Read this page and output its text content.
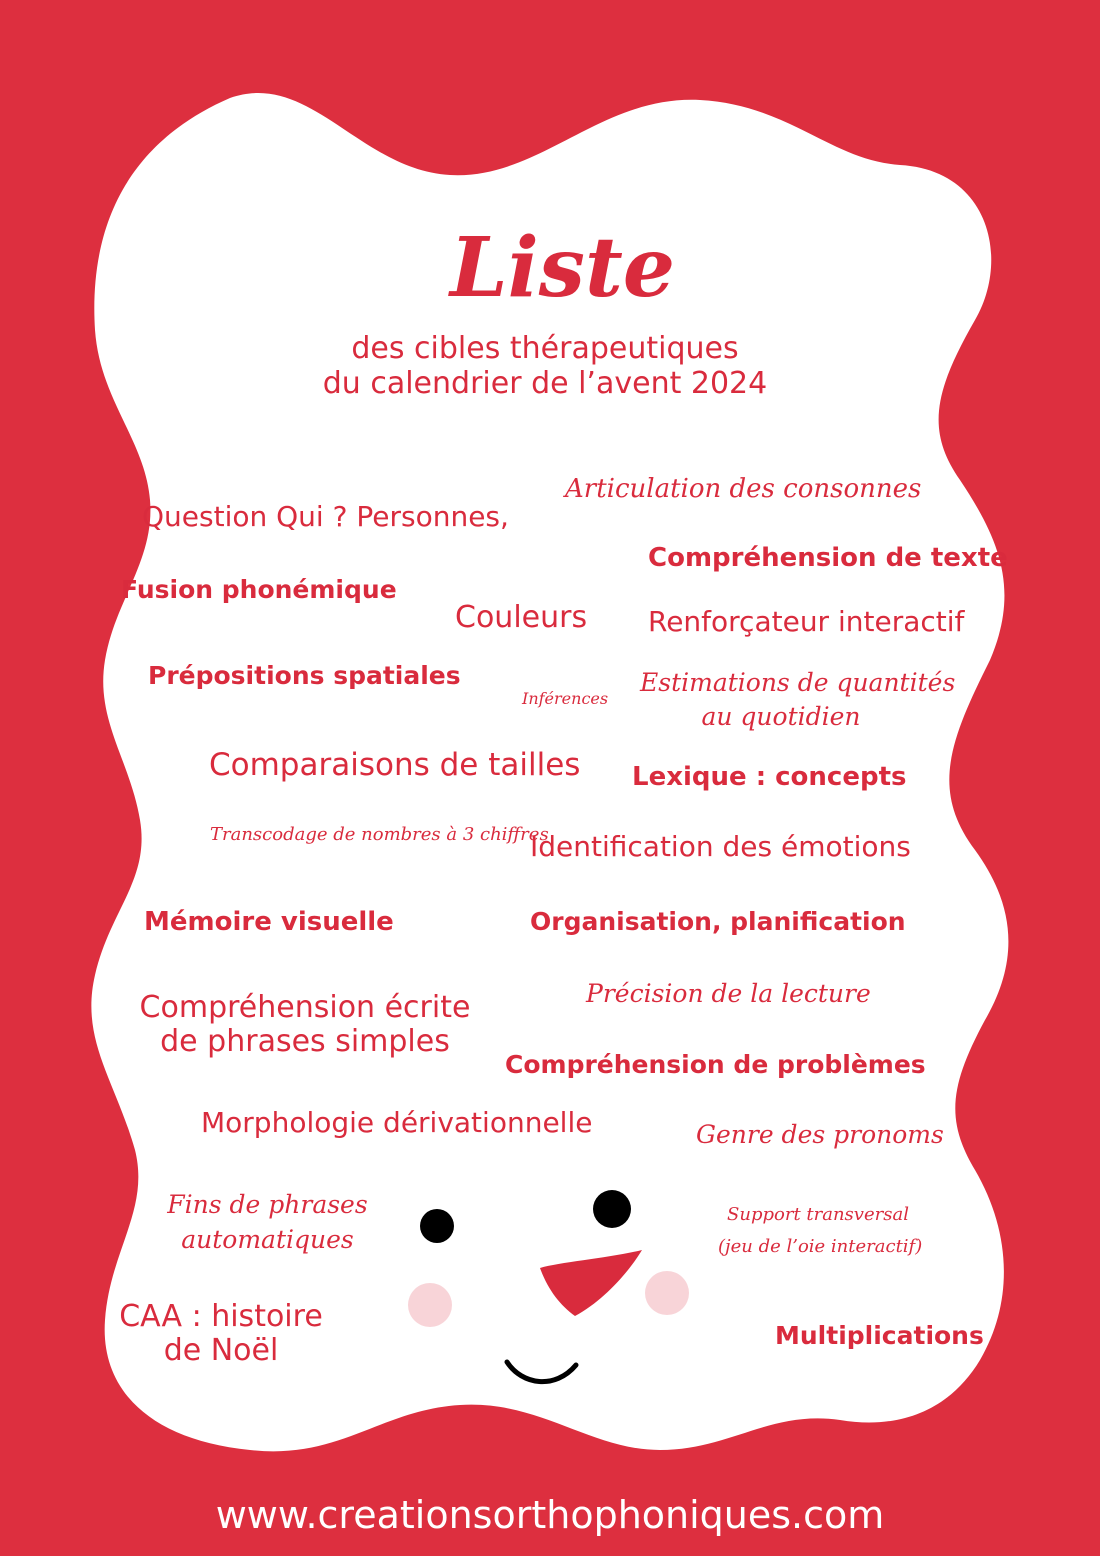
Liste
des cibles thérapeutiques
du calendrier de l’avent 2024
Articulation des consonnes
Question Qui ? Personnes,
Compréhension de texte
Fusion phonémique
Couleurs Renforçateur interactif
Prépositions spatiales
Inférences
Estimations de quantités
au quotidien
Comparaisons de tailles Lexique : concepts
Transcodage de nombres à 3 chiffres
Identification des émotions
Mémoire visuelle	Organisation, planification
Précision de la lecture
Compréhension écrite
de phrases simples
Compréhension de problèmes
Morphologie dérivationnelle	Genre des pronoms
Fins de phrases
automatiques
Support transversal
(jeu de l’oie interactif)
CAA : histoire
de Noël	Multiplications
www.creationsorthophoniques.com
